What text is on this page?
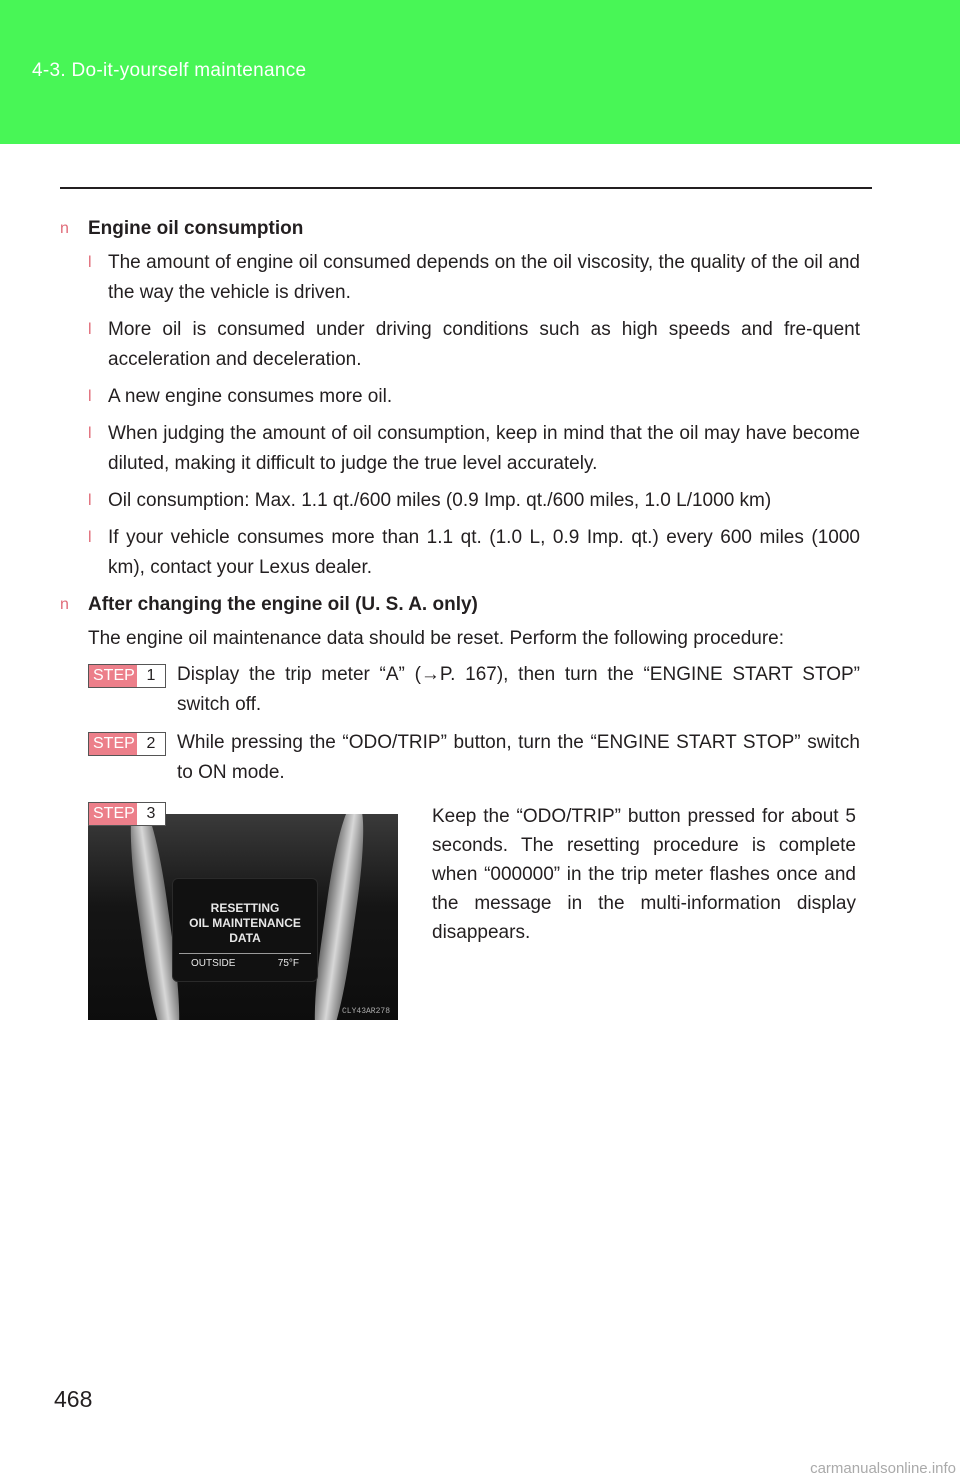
4-3. Do-it-yourself maintenance

n Engine oil consumption

l The amount of engine oil consumed depends on the oil viscosity, the quality of the oil and the way the vehicle is driven.
l More oil is consumed under driving conditions such as high speeds and fre-quent acceleration and deceleration.
l A new engine consumes more oil.
l When judging the amount of oil consumption, keep in mind that the oil may have become diluted, making it difficult to judge the true level accurately.
l Oil consumption: Max. 1.1 qt./600 miles (0.9 Imp. qt./600 miles, 1.0 L/1000 km)
l If your vehicle consumes more than 1.1 qt. (1.0 L, 0.9 Imp. qt.) every 600 miles (1000 km), contact your Lexus dealer.

n After changing the engine oil (U. S. A. only)

The engine oil maintenance data should be reset. Perform the following procedure:

STEP 1	Display the trip meter “A” (→P. 167), then turn the “ENGINE START STOP” switch off.
STEP 2	While pressing the “ODO/TRIP” button, turn the “ENGINE START STOP” switch to ON mode.
RESETTING
OIL MAINTENANCE
DATA
OUTSIDE	75°F
CLY43AR278
STEP 3	Keep the “ODO/TRIP” button pressed for about 5 seconds. The resetting procedure is complete when “000000” in the trip meter flashes once and the message in the multi-information display disappears.
468
carmanualsonline.info
